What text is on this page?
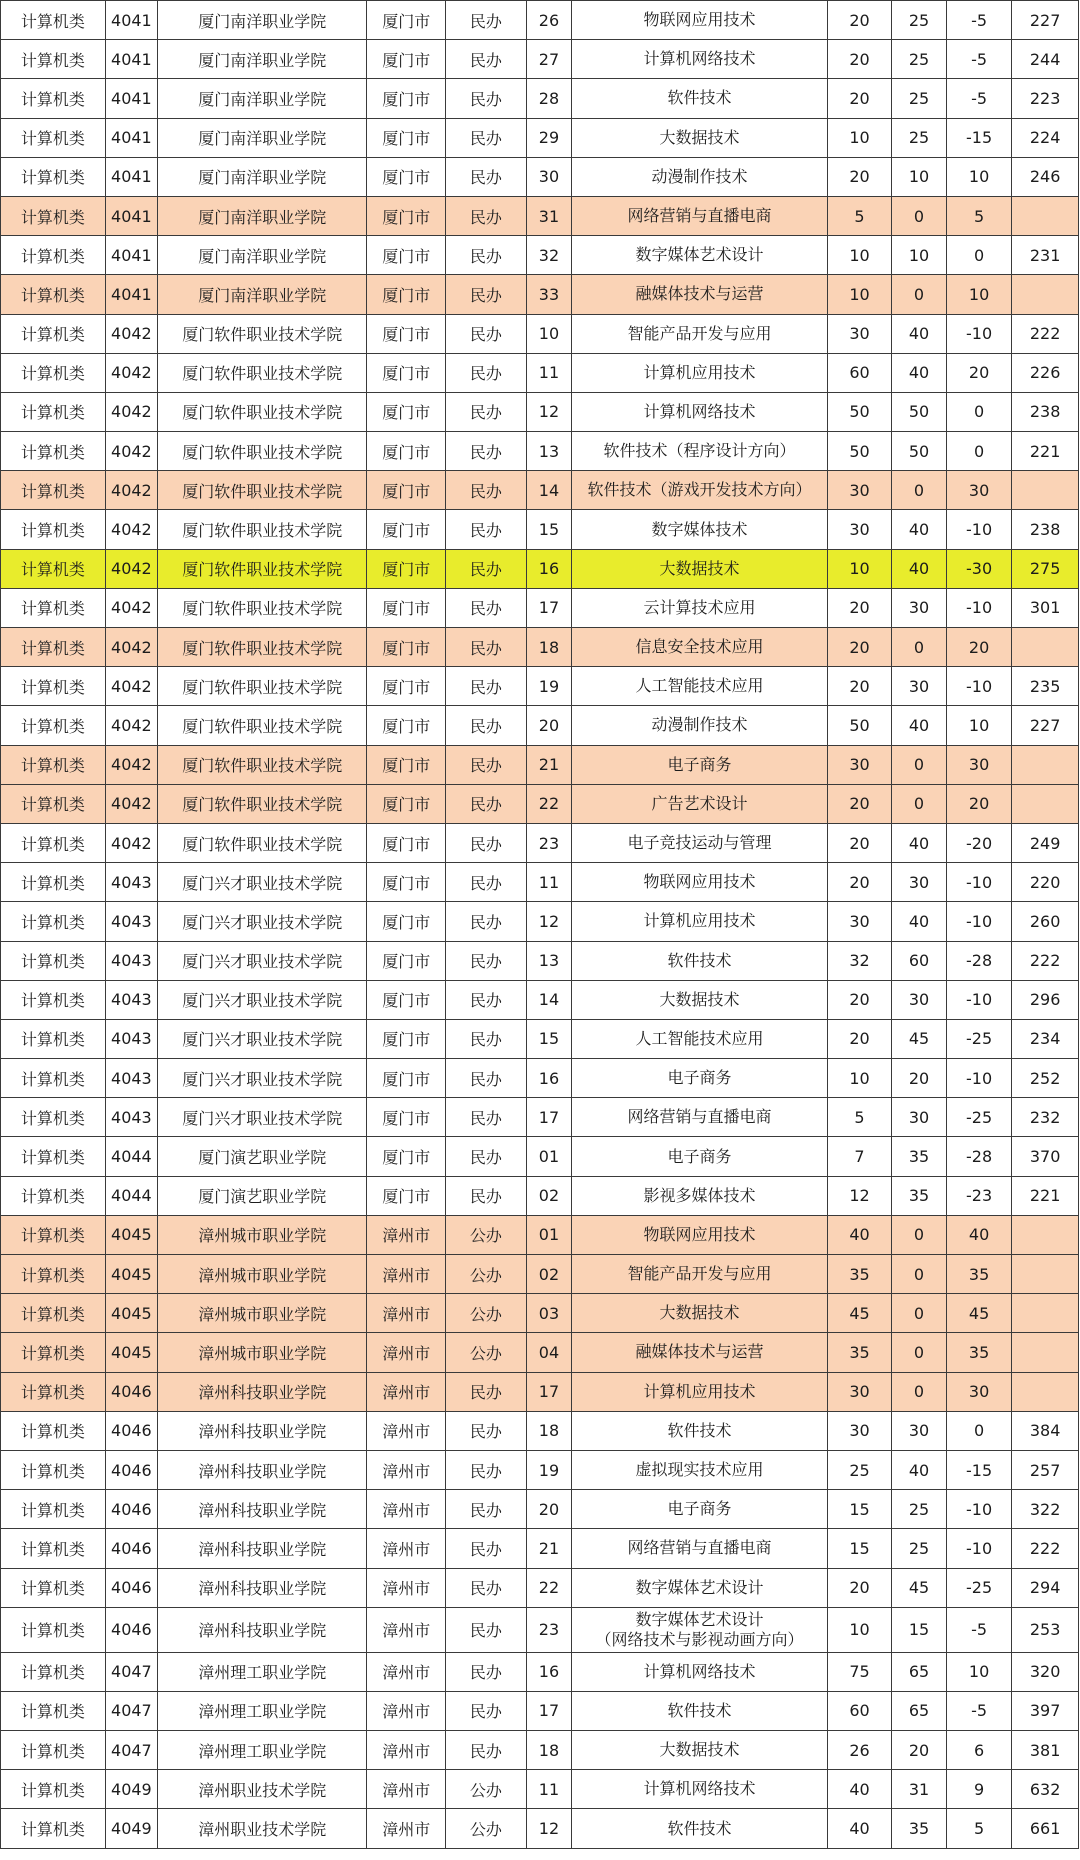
计算机类	4041	厦门南洋职业学院	厦门市	民办	26	物联网应用技术	20	25	-5	227
计算机类	4041	厦门南洋职业学院	厦门市	民办	27	计算机网络技术	20	25	-5	244
计算机类	4041	厦门南洋职业学院	厦门市	民办	28	软件技术	20	25	-5	223
计算机类	4041	厦门南洋职业学院	厦门市	民办	29	大数据技术	10	25	-15	224
计算机类	4041	厦门南洋职业学院	厦门市	民办	30	动漫制作技术	20	10	10	246
计算机类	4041	厦门南洋职业学院	厦门市	民办	31	网络营销与直播电商	5	0	5	
计算机类	4041	厦门南洋职业学院	厦门市	民办	32	数字媒体艺术设计	10	10	0	231
计算机类	4041	厦门南洋职业学院	厦门市	民办	33	融媒体技术与运营	10	0	10	
计算机类	4042	厦门软件职业技术学院	厦门市	民办	10	智能产品开发与应用	30	40	-10	222
计算机类	4042	厦门软件职业技术学院	厦门市	民办	11	计算机应用技术	60	40	20	226
计算机类	4042	厦门软件职业技术学院	厦门市	民办	12	计算机网络技术	50	50	0	238
计算机类	4042	厦门软件职业技术学院	厦门市	民办	13	软件技术（程序设计方向）	50	50	0	221
计算机类	4042	厦门软件职业技术学院	厦门市	民办	14	软件技术（游戏开发技术方向）	30	0	30	
计算机类	4042	厦门软件职业技术学院	厦门市	民办	15	数字媒体技术	30	40	-10	238
计算机类	4042	厦门软件职业技术学院	厦门市	民办	16	大数据技术	10	40	-30	275
计算机类	4042	厦门软件职业技术学院	厦门市	民办	17	云计算技术应用	20	30	-10	301
计算机类	4042	厦门软件职业技术学院	厦门市	民办	18	信息安全技术应用	20	0	20	
计算机类	4042	厦门软件职业技术学院	厦门市	民办	19	人工智能技术应用	20	30	-10	235
计算机类	4042	厦门软件职业技术学院	厦门市	民办	20	动漫制作技术	50	40	10	227
计算机类	4042	厦门软件职业技术学院	厦门市	民办	21	电子商务	30	0	30	
计算机类	4042	厦门软件职业技术学院	厦门市	民办	22	广告艺术设计	20	0	20	
计算机类	4042	厦门软件职业技术学院	厦门市	民办	23	电子竞技运动与管理	20	40	-20	249
计算机类	4043	厦门兴才职业技术学院	厦门市	民办	11	物联网应用技术	20	30	-10	220
计算机类	4043	厦门兴才职业技术学院	厦门市	民办	12	计算机应用技术	30	40	-10	260
计算机类	4043	厦门兴才职业技术学院	厦门市	民办	13	软件技术	32	60	-28	222
计算机类	4043	厦门兴才职业技术学院	厦门市	民办	14	大数据技术	20	30	-10	296
计算机类	4043	厦门兴才职业技术学院	厦门市	民办	15	人工智能技术应用	20	45	-25	234
计算机类	4043	厦门兴才职业技术学院	厦门市	民办	16	电子商务	10	20	-10	252
计算机类	4043	厦门兴才职业技术学院	厦门市	民办	17	网络营销与直播电商	5	30	-25	232
计算机类	4044	厦门演艺职业学院	厦门市	民办	01	电子商务	7	35	-28	370
计算机类	4044	厦门演艺职业学院	厦门市	民办	02	影视多媒体技术	12	35	-23	221
计算机类	4045	漳州城市职业学院	漳州市	公办	01	物联网应用技术	40	0	40	
计算机类	4045	漳州城市职业学院	漳州市	公办	02	智能产品开发与应用	35	0	35	
计算机类	4045	漳州城市职业学院	漳州市	公办	03	大数据技术	45	0	45	
计算机类	4045	漳州城市职业学院	漳州市	公办	04	融媒体技术与运营	35	0	35	
计算机类	4046	漳州科技职业学院	漳州市	民办	17	计算机应用技术	30	0	30	
计算机类	4046	漳州科技职业学院	漳州市	民办	18	软件技术	30	30	0	384
计算机类	4046	漳州科技职业学院	漳州市	民办	19	虚拟现实技术应用	25	40	-15	257
计算机类	4046	漳州科技职业学院	漳州市	民办	20	电子商务	15	25	-10	322
计算机类	4046	漳州科技职业学院	漳州市	民办	21	网络营销与直播电商	15	25	-10	222
计算机类	4046	漳州科技职业学院	漳州市	民办	22	数字媒体艺术设计	20	45	-25	294
计算机类	4046	漳州科技职业学院	漳州市	民办	23	数字媒体艺术设计
（网络技术与影视动画方向）	10	15	-5	253
计算机类	4047	漳州理工职业学院	漳州市	民办	16	计算机网络技术	75	65	10	320
计算机类	4047	漳州理工职业学院	漳州市	民办	17	软件技术	60	65	-5	397
计算机类	4047	漳州理工职业学院	漳州市	民办	18	大数据技术	26	20	6	381
计算机类	4049	漳州职业技术学院	漳州市	公办	11	计算机网络技术	40	31	9	632
计算机类	4049	漳州职业技术学院	漳州市	公办	12	软件技术	40	35	5	661
